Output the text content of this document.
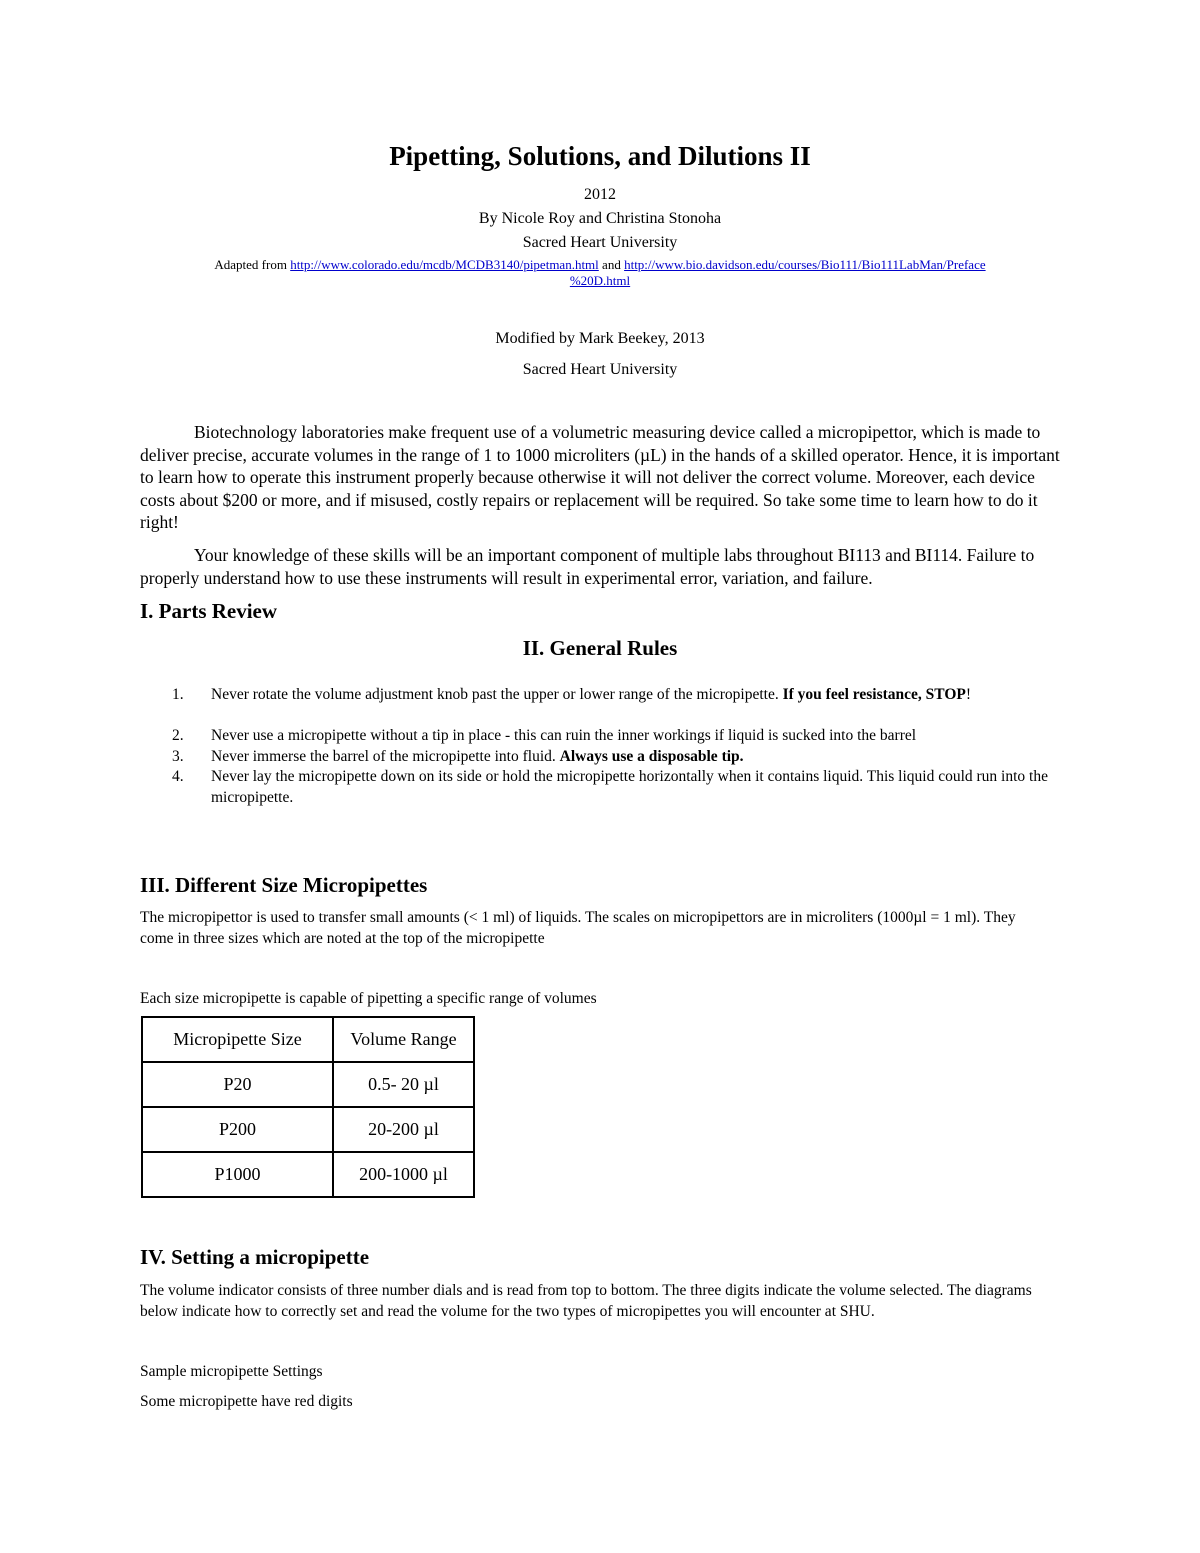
Pipetting, Solutions, and Dilutions II
2012
By Nicole Roy and Christina Stonoha
Sacred Heart University
Adapted from http://www.colorado.edu/mcdb/MCDB3140/pipetman.html and http://www.bio.davidson.edu/courses/Bio111/Bio111LabMan/Preface
%20D.html
Modified by Mark Beekey, 2013
Sacred Heart University

Biotechnology laboratories make frequent use of a volumetric measuring device called a micropipettor, which is made to deliver precise, accurate volumes in the range of 1 to 1000 microliters (µL) in the hands of a skilled operator. Hence, it is important to learn how to operate this instrument properly because otherwise it will not deliver the correct volume. Moreover, each device costs about $200 or more, and if misused, costly repairs or replacement will be required. So take some time to learn how to do it right!

Your knowledge of these skills will be an important component of multiple labs throughout BI113 and BI114. Failure to properly understand how to use these instruments will result in experimental error, variation, and failure.

I. Parts Review
II. General Rules
1.	Never rotate the volume adjustment knob past the upper or lower range of the micropipette. If you feel resistance, STOP!
2.	Never use a micropipette without a tip in place - this can ruin the inner workings if liquid is sucked into the barrel
3.	Never immerse the barrel of the micropipette into fluid. Always use a disposable tip.
4.	Never lay the micropipette down on its side or hold the micropipette horizontally when it contains liquid. This liquid could run into the micropipette.
III. Different Size Micropipettes

The micropipettor is used to transfer small amounts (< 1 ml) of liquids. The scales on micropipettors are in microliters (1000µl = 1 ml). They come in three sizes which are noted at the top of the micropipette

Each size micropipette is capable of pipetting a specific range of volumes

Micropipette Size	Volume Range
P20	0.5- 20 µl
P200	20-200 µl
P1000	200-1000 µl
IV. Setting a micropipette

The volume indicator consists of three number dials and is read from top to bottom. The three digits indicate the volume selected. The diagrams below indicate how to correctly set and read the volume for the two types of micropipettes you will encounter at SHU.

Sample micropipette Settings

Some micropipette have red digits
